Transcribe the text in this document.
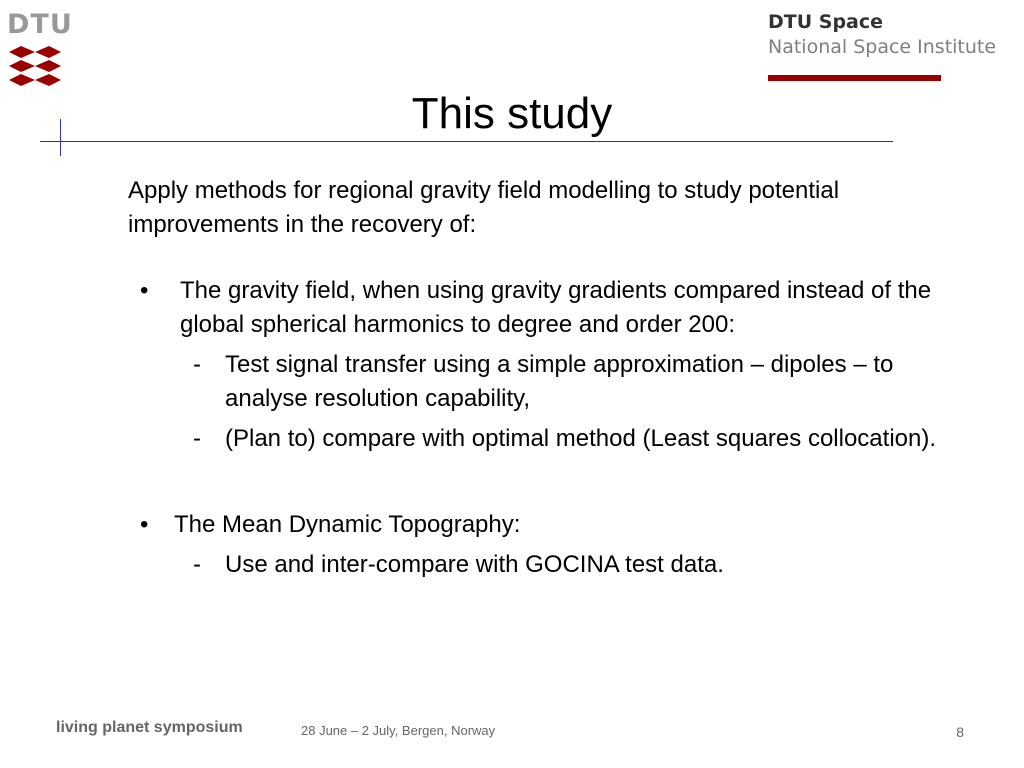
DTU	DTU Space
National Space Institute
This study

Apply methods for regional gravity field modelling to study potential improvements in the recovery of:

• The gravity field, when using gravity gradients compared instead of the global spherical harmonics to degree and order 200:
- Test signal transfer using a simple approximation – dipoles – to analyse resolution capability,
- (Plan to) compare with optimal method (Least squares collocation).
• The Mean Dynamic Topography:
- Use and inter-compare with GOCINA test data.
living planet symposium	28 June – 2 July, Bergen, Norway	8
